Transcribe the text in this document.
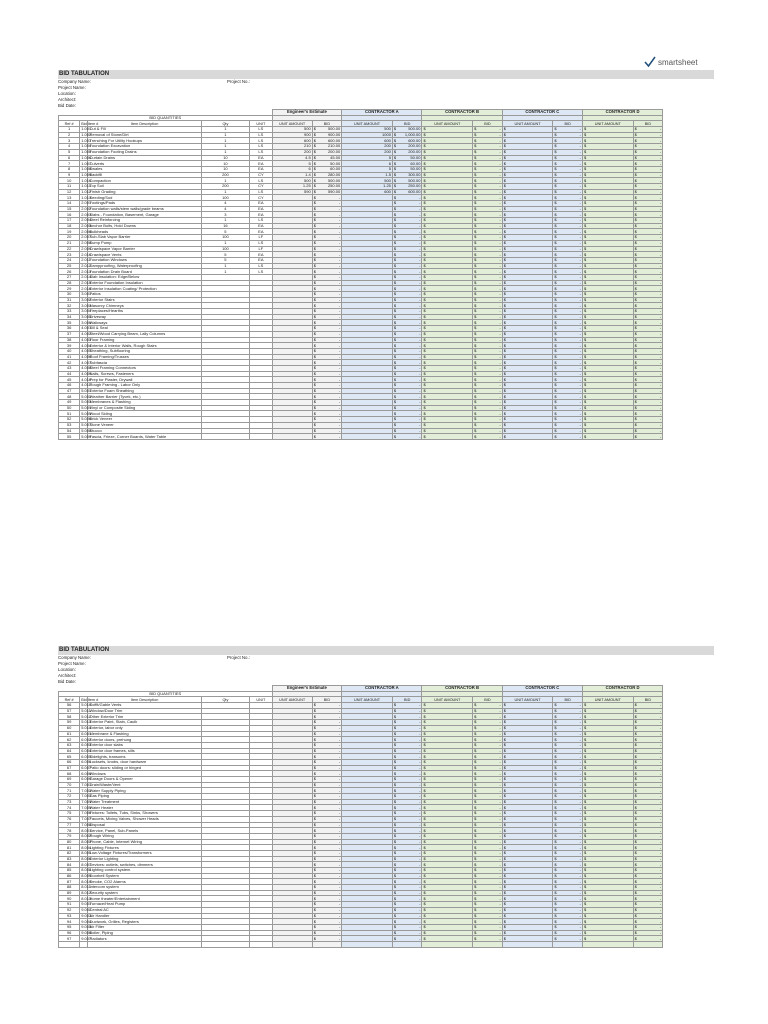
smartsheet
BID TABULATION
Company Name:	Project No.:
Project Name:
Location:
Architect:
Bid Date:
					Engineer's Estimate		CONTRACTOR A		CONTRACTOR B		CONTRACTOR C		CONTRACTOR D	
BID QUANTITIES														
Ref #	Bid Item #	Item Description	Qty	UNIT	UNIT AMOUNT	BID	UNIT AMOUNT	BID	UNIT AMOUNT	BID	UNIT AMOUNT	BID	UNIT AMOUNT	BID
1	1.001	Cut & Fill	1	LS	500	$ 500.00	500	$ 500.00	$	$ -	$	$ -	$	$ -

2	1.002	Removal of Stone/Dirt	1	LS	900	$ 900.00	1000	$ 1,000.00	$	$ -	$	$ -	$	$ -

3	1.003	Trenching For Utility Hookups	1	LS	600	$ 600.00	600	$ 600.00	$	$ -	$	$ -	$	$ -

4	1.004	Foundation Excavation	1	LS	210	$ 210.00	200	$ 200.00	$	$ -	$	$ -	$	$ -

5	1.005	Foundation Footing Drains	1	LS	200	$ 200.00	200	$ 200.00	$	$ -	$	$ -	$	$ -

6	1.006	Curtain Drains	10	EA	4.5	$ 45.00	5	$ 50.00	$	$ -	$	$ -	$	$ -

7	1.007	Culverts	10	EA	5	$ 50.00	6	$ 60.00	$	$ -	$	$ -	$	$ -

8	1.008	Swales	10	EA	6	$ 60.00	5	$ 50.00	$	$ -	$	$ -	$	$ -

9	1.009	Backfill	200	CY	1.4	$ 280.00	1.5	$ 300.00	$	$ -	$	$ -	$	$ -

10	1.010	Compaction	1	LS	500	$ 500.00	500	$ 500.00	$	$ -	$	$ -	$	$ -

11	1.011	Top Soil	200	CY	1.25	$ 250.00	1.25	$ 250.00	$	$ -	$	$ -	$	$ -

12	1.012	Finish Grading	1	LS	590	$ 590.00	600	$ 600.00	$	$ -	$	$ -	$	$ -

13	1.013	Seeding/Sod	100	CY		$ -		$ -	$	$ -	$	$ -	$	$ -

14	2.001	Footings/Pads	4	EA		$ -		$ -	$	$ -	$	$ -	$	$ -

15	2.002	Foundation walls/stem walls/grade beams	4	EA		$ -		$ -	$	$ -	$	$ -	$	$ -

16	2.003	Slabs - Foundation, Basement, Garage	3	EA		$ -		$ -	$	$ -	$	$ -	$	$ -

17	2.004	Steel Reinforcing	1	LS		$ -		$ -	$	$ -	$	$ -	$	$ -

18	2.005	Anchor Bolts, Hold Downs	16	EA		$ -		$ -	$	$ -	$	$ -	$	$ -

19	2.006	Bulkheads	5	EA		$ -		$ -	$	$ -	$	$ -	$	$ -

20	2.007	Sub-Slab Vapor Barrier	100	LF		$ -		$ -	$	$ -	$	$ -	$	$ -

21	2.008	Sump Pump	1	LS		$ -		$ -	$	$ -	$	$ -	$	$ -

22	2.009	Crawlspace Vapor Barrier	100	LF		$ -		$ -	$	$ -	$	$ -	$	$ -

23	2.010	Crawlspace Vents	5	EA		$ -		$ -	$	$ -	$	$ -	$	$ -

24	2.011	Foundation Windows	5	EA		$ -		$ -	$	$ -	$	$ -	$	$ -

25	2.012	Dampproofing, Waterproofing	1	LS		$ -		$ -	$	$ -	$	$ -	$	$ -

26	2.013	Foundation Drain Board	1	LS		$ -		$ -	$	$ -	$	$ -	$	$ -

27	2.014	Slab Insulation: Edge/Below				$ -		$ -	$	$ -	$	$ -	$	$ -

28	2.015	Exterior Foundation Insulation				$ -		$ -	$	$ -	$	$ -	$	$ -

29	2.016	Exterior Insulation Coating/ Protection				$ -		$ -	$	$ -	$	$ -	$	$ -

30	3.001	Patios				$ -		$ -	$	$ -	$	$ -	$	$ -

31	3.002	Exterior Stairs				$ -		$ -	$	$ -	$	$ -	$	$ -

32	3.003	Masonry Chimneys				$ -		$ -	$	$ -	$	$ -	$	$ -

33	3.004	Fireplaces/Hearths				$ -		$ -	$	$ -	$	$ -	$	$ -

34	3.005	Driveway				$ -		$ -	$	$ -	$	$ -	$	$ -

35	3.006	Walkways				$ -		$ -	$	$ -	$	$ -	$	$ -

36	4.001	Sill & Seal				$ -		$ -	$	$ -	$	$ -	$	$ -

37	4.002	Steel/Wood Carrying Beam, Lally Columns				$ -		$ -	$	$ -	$	$ -	$	$ -

38	4.003	Floor Framing				$ -		$ -	$	$ -	$	$ -	$	$ -

39	4.004	Exterior & Interior Walls, Rough Stairs				$ -		$ -	$	$ -	$	$ -	$	$ -

40	4.005	Sheathing, Subflooring				$ -		$ -	$	$ -	$	$ -	$	$ -

41	4.006	Roof Framing/Trusses				$ -		$ -	$	$ -	$	$ -	$	$ -

42	4.007	Subfascia				$ -		$ -	$	$ -	$	$ -	$	$ -

43	4.008	Steel Framing Connectors				$ -		$ -	$	$ -	$	$ -	$	$ -

44	4.009	Nails, Screws, Fasteners				$ -		$ -	$	$ -	$	$ -	$	$ -

45	4.010	Prep for Plaster, Drywall				$ -		$ -	$	$ -	$	$ -	$	$ -

46	4.011	Rough Framing - Labor Only				$ -		$ -	$	$ -	$	$ -	$	$ -

47	5.001	Exterior Foam Sheathing				$ -		$ -	$	$ -	$	$ -	$	$ -

48	5.002	Weather Barrier (Tyvek, etc.)				$ -		$ -	$	$ -	$	$ -	$	$ -

49	5.003	Membranes & Flashing				$ -		$ -	$	$ -	$	$ -	$	$ -

50	5.004	Vinyl or Composite Siding				$ -		$ -	$	$ -	$	$ -	$	$ -

51	5.005	Wood Siding				$ -		$ -	$	$ -	$	$ -	$	$ -

52	5.006	Brick Veneer				$ -		$ -	$	$ -	$	$ -	$	$ -

53	5.007	Stone Veneer				$ -		$ -	$	$ -	$	$ -	$	$ -

54	5.008	Stucco				$ -		$ -	$	$ -	$	$ -	$	$ -

55	5.009	Fascia, Frieze, Corner Boards, Water Table				$ -		$ -	$	$ -	$	$ -	$	$ -
BID TABULATION
Company Name:	Project No.:
Project Name:
Location:
Architect:
Bid Date:
					Engineer's Estimate		CONTRACTOR A		CONTRACTOR B		CONTRACTOR C		CONTRACTOR D	
BID QUANTITIES														
Ref #	Bid Item #	Item Description	Qty	UNIT	UNIT AMOUNT	BID	UNIT AMOUNT	BID	UNIT AMOUNT	BID	UNIT AMOUNT	BID	UNIT AMOUNT	BID
56	5.010	Soffit/Gable Vents				$ -		$ -	$	$ -	$	$ -	$	$ -

57	5.011	Window/Door Trim				$ -		$ -	$	$ -	$	$ -	$	$ -

58	5.012	Other Exterior Trim				$ -		$ -	$	$ -	$	$ -	$	$ -

59	5.013	Exterior Paint, Stain, Caulk				$ -		$ -	$	$ -	$	$ -	$	$ -

60	5.014	Exterior, labor only				$ -		$ -	$	$ -	$	$ -	$	$ -

61	6.001	Membrane & Flashing				$ -		$ -	$	$ -	$	$ -	$	$ -

62	6.002	Exterior doors, prehung				$ -		$ -	$	$ -	$	$ -	$	$ -

63	6.003	Exterior door slabs				$ -		$ -	$	$ -	$	$ -	$	$ -

64	6.004	Exterior door frames, sills				$ -		$ -	$	$ -	$	$ -	$	$ -

65	6.005	Sidelights, transoms				$ -		$ -	$	$ -	$	$ -	$	$ -

66	6.006	Locksets, knobs, door hardware				$ -		$ -	$	$ -	$	$ -	$	$ -

67	6.007	Patio doors: sliding or hinged				$ -		$ -	$	$ -	$	$ -	$	$ -

68	6.008	Windows				$ -		$ -	$	$ -	$	$ -	$	$ -

69	6.009	Garage Doors & Opener				$ -		$ -	$	$ -	$	$ -	$	$ -

70	7.001	Drain/Waste/Vent				$ -		$ -	$	$ -	$	$ -	$	$ -

71	7.002	Water Supply Piping				$ -		$ -	$	$ -	$	$ -	$	$ -

72	7.003	Gas Piping				$ -		$ -	$	$ -	$	$ -	$	$ -

73	7.004	Water Treatment				$ -		$ -	$	$ -	$	$ -	$	$ -

74	7.005	Water Heater				$ -		$ -	$	$ -	$	$ -	$	$ -

75	7.006	Fixtures: Toilets, Tubs, Sinks, Showers				$ -		$ -	$	$ -	$	$ -	$	$ -

76	7.007	Faucets, Mixing Valves, Shower Heads				$ -		$ -	$	$ -	$	$ -	$	$ -

77	7.008	Disposal				$ -		$ -	$	$ -	$	$ -	$	$ -

78	8.001	Service, Panel, Sub-Panels				$ -		$ -	$	$ -	$	$ -	$	$ -

79	8.002	Rough Wiring				$ -		$ -	$	$ -	$	$ -	$	$ -

80	8.003	Phone, Cable, Internet Wiring				$ -		$ -	$	$ -	$	$ -	$	$ -

81	8.004	Lighting Fixtures				$ -		$ -	$	$ -	$	$ -	$	$ -

82	8.005	Low-Voltage Fixtures/Transformers				$ -		$ -	$	$ -	$	$ -	$	$ -

83	8.006	Exterior Lighting				$ -		$ -	$	$ -	$	$ -	$	$ -

84	8.007	Devices: outlets, switches, dimmers				$ -		$ -	$	$ -	$	$ -	$	$ -

85	8.008	Lighting control system				$ -		$ -	$	$ -	$	$ -	$	$ -

86	8.009	Doorbell System				$ -		$ -	$	$ -	$	$ -	$	$ -

87	8.010	Smoke, CO2 Alarms				$ -		$ -	$	$ -	$	$ -	$	$ -

88	8.011	Intercom system				$ -		$ -	$	$ -	$	$ -	$	$ -

89	8.012	Security system				$ -		$ -	$	$ -	$	$ -	$	$ -

90	8.013	Home theater/Entertainment				$ -		$ -	$	$ -	$	$ -	$	$ -

91	9.001	Furnace/Heat Pump				$ -		$ -	$	$ -	$	$ -	$	$ -

92	9.002	Central AC				$ -		$ -	$	$ -	$	$ -	$	$ -

93	9.003	Air Handler				$ -		$ -	$	$ -	$	$ -	$	$ -

94	9.004	Ductwork, Grilles, Registers				$ -		$ -	$	$ -	$	$ -	$	$ -

95	9.005	Air Filter				$ -		$ -	$	$ -	$	$ -	$	$ -

96	9.006	Boiler, Piping				$ -		$ -	$	$ -	$	$ -	$	$ -

97	9.007	Radiators				$ -		$ -	$	$ -	$	$ -	$	$ -
